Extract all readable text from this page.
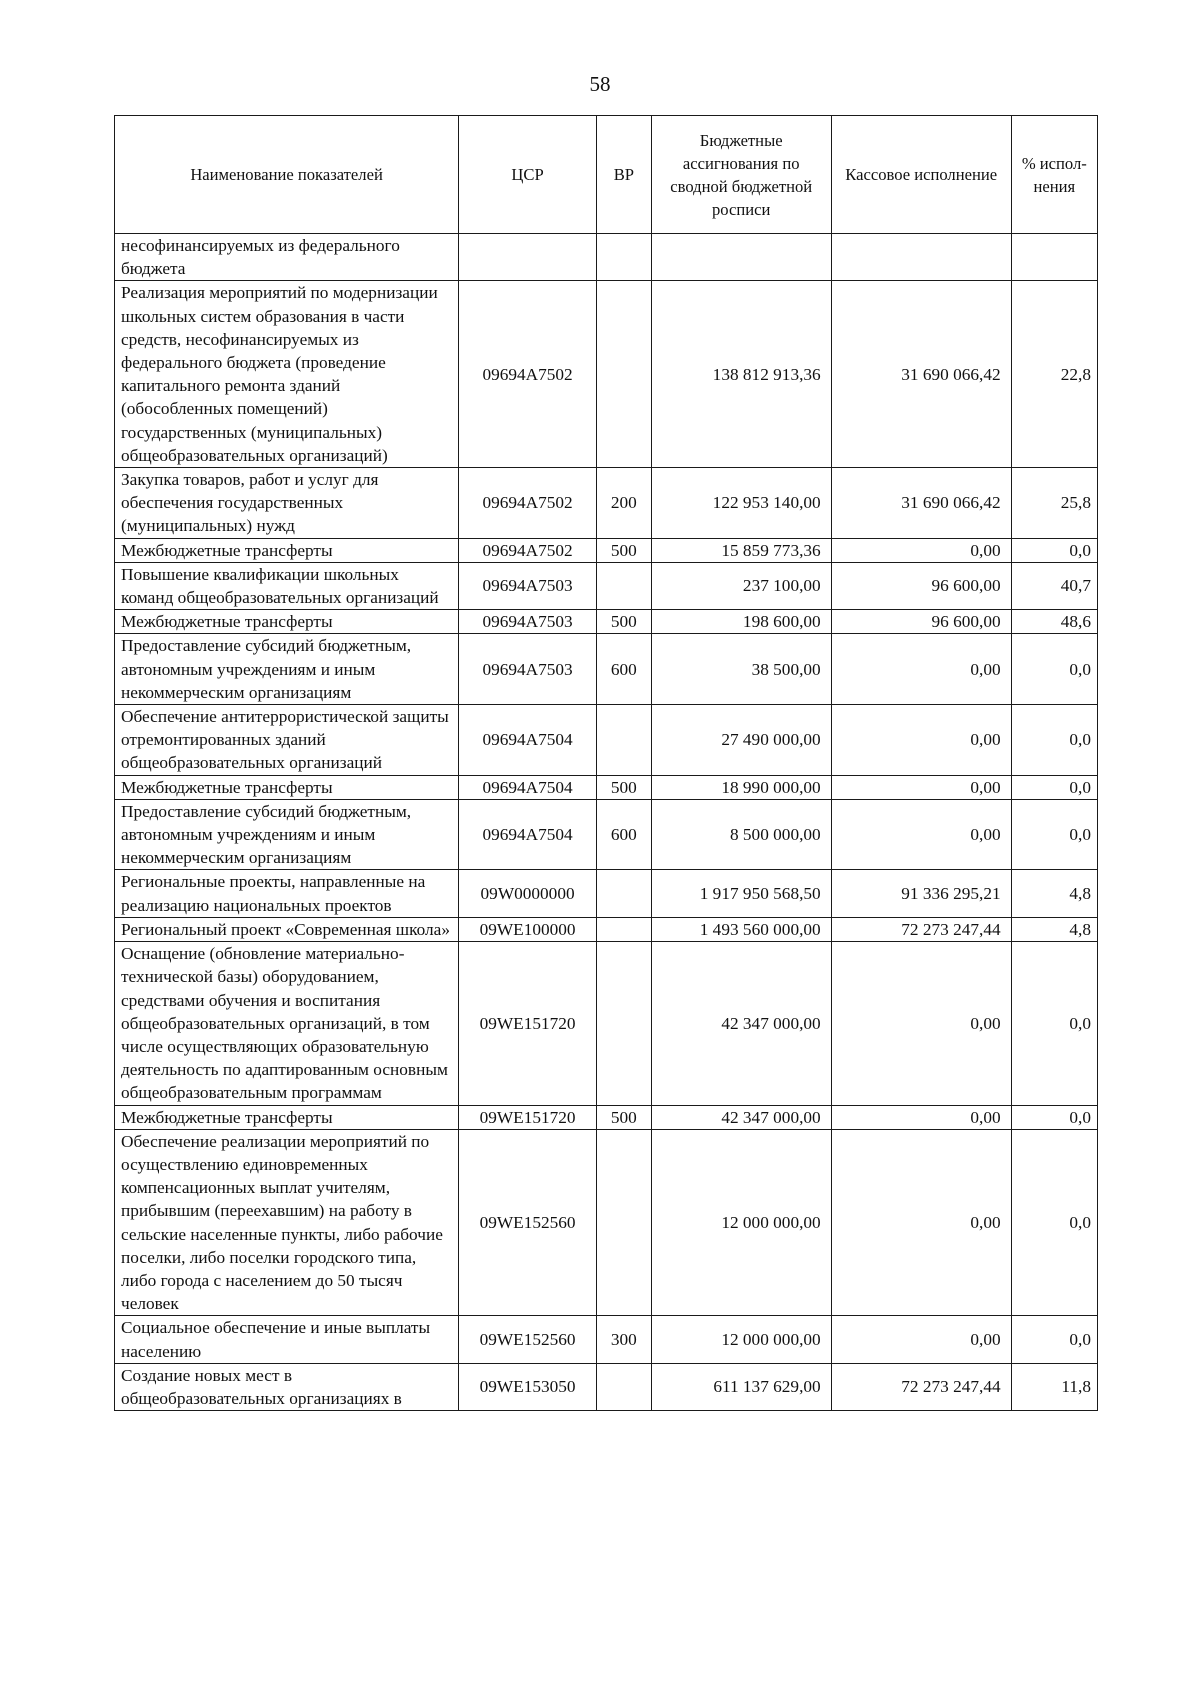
58
Наименование показателей	ЦСР	ВР	Бюджетные ассигнования по сводной бюджетной росписи	Кассовое исполнение	% испол-нения
несофинансируемых из федерального бюджета					
Реализация мероприятий по модернизации школьных систем образования в части средств, несофинансируемых из федерального бюджета (проведение капитального ремонта зданий (обособленных помещений) государственных (муниципальных) общеобразовательных организаций)	09694A7502		138 812 913,36	31 690 066,42	22,8
Закупка товаров, работ и услуг для обеспечения государственных (муниципальных) нужд	09694A7502	200	122 953 140,00	31 690 066,42	25,8
Межбюджетные трансферты	09694A7502	500	15 859 773,36	0,00	0,0
Повышение квалификации школьных команд общеобразовательных организаций	09694A7503		237 100,00	96 600,00	40,7
Межбюджетные трансферты	09694A7503	500	198 600,00	96 600,00	48,6
Предоставление субсидий бюджетным, автономным учреждениям и иным некоммерческим организациям	09694A7503	600	38 500,00	0,00	0,0
Обеспечение антитеррористической защиты отремонтированных зданий общеобразовательных организаций	09694A7504		27 490 000,00	0,00	0,0
Межбюджетные трансферты	09694A7504	500	18 990 000,00	0,00	0,0
Предоставление субсидий бюджетным, автономным учреждениям и иным некоммерческим организациям	09694A7504	600	8 500 000,00	0,00	0,0
Региональные проекты, направленные на реализацию национальных проектов	09W0000000		1 917 950 568,50	91 336 295,21	4,8
Региональный проект «Современная школа»	09WE100000		1 493 560 000,00	72 273 247,44	4,8
Оснащение (обновление материально-технической базы) оборудованием, средствами обучения и воспитания общеобразовательных организаций, в том числе осуществляющих образовательную деятельность по адаптированным основным общеобразовательным программам	09WE151720		42 347 000,00	0,00	0,0
Межбюджетные трансферты	09WE151720	500	42 347 000,00	0,00	0,0
Обеспечение реализации мероприятий по осуществлению единовременных компенсационных выплат учителям, прибывшим (переехавшим) на работу в сельские населенные пункты, либо рабочие поселки, либо поселки городского типа, либо города с населением до 50 тысяч человек	09WE152560		12 000 000,00	0,00	0,0
Социальное обеспечение и иные выплаты населению	09WE152560	300	12 000 000,00	0,00	0,0
Создание новых мест в общеобразовательных организациях в	09WE153050		611 137 629,00	72 273 247,44	11,8
